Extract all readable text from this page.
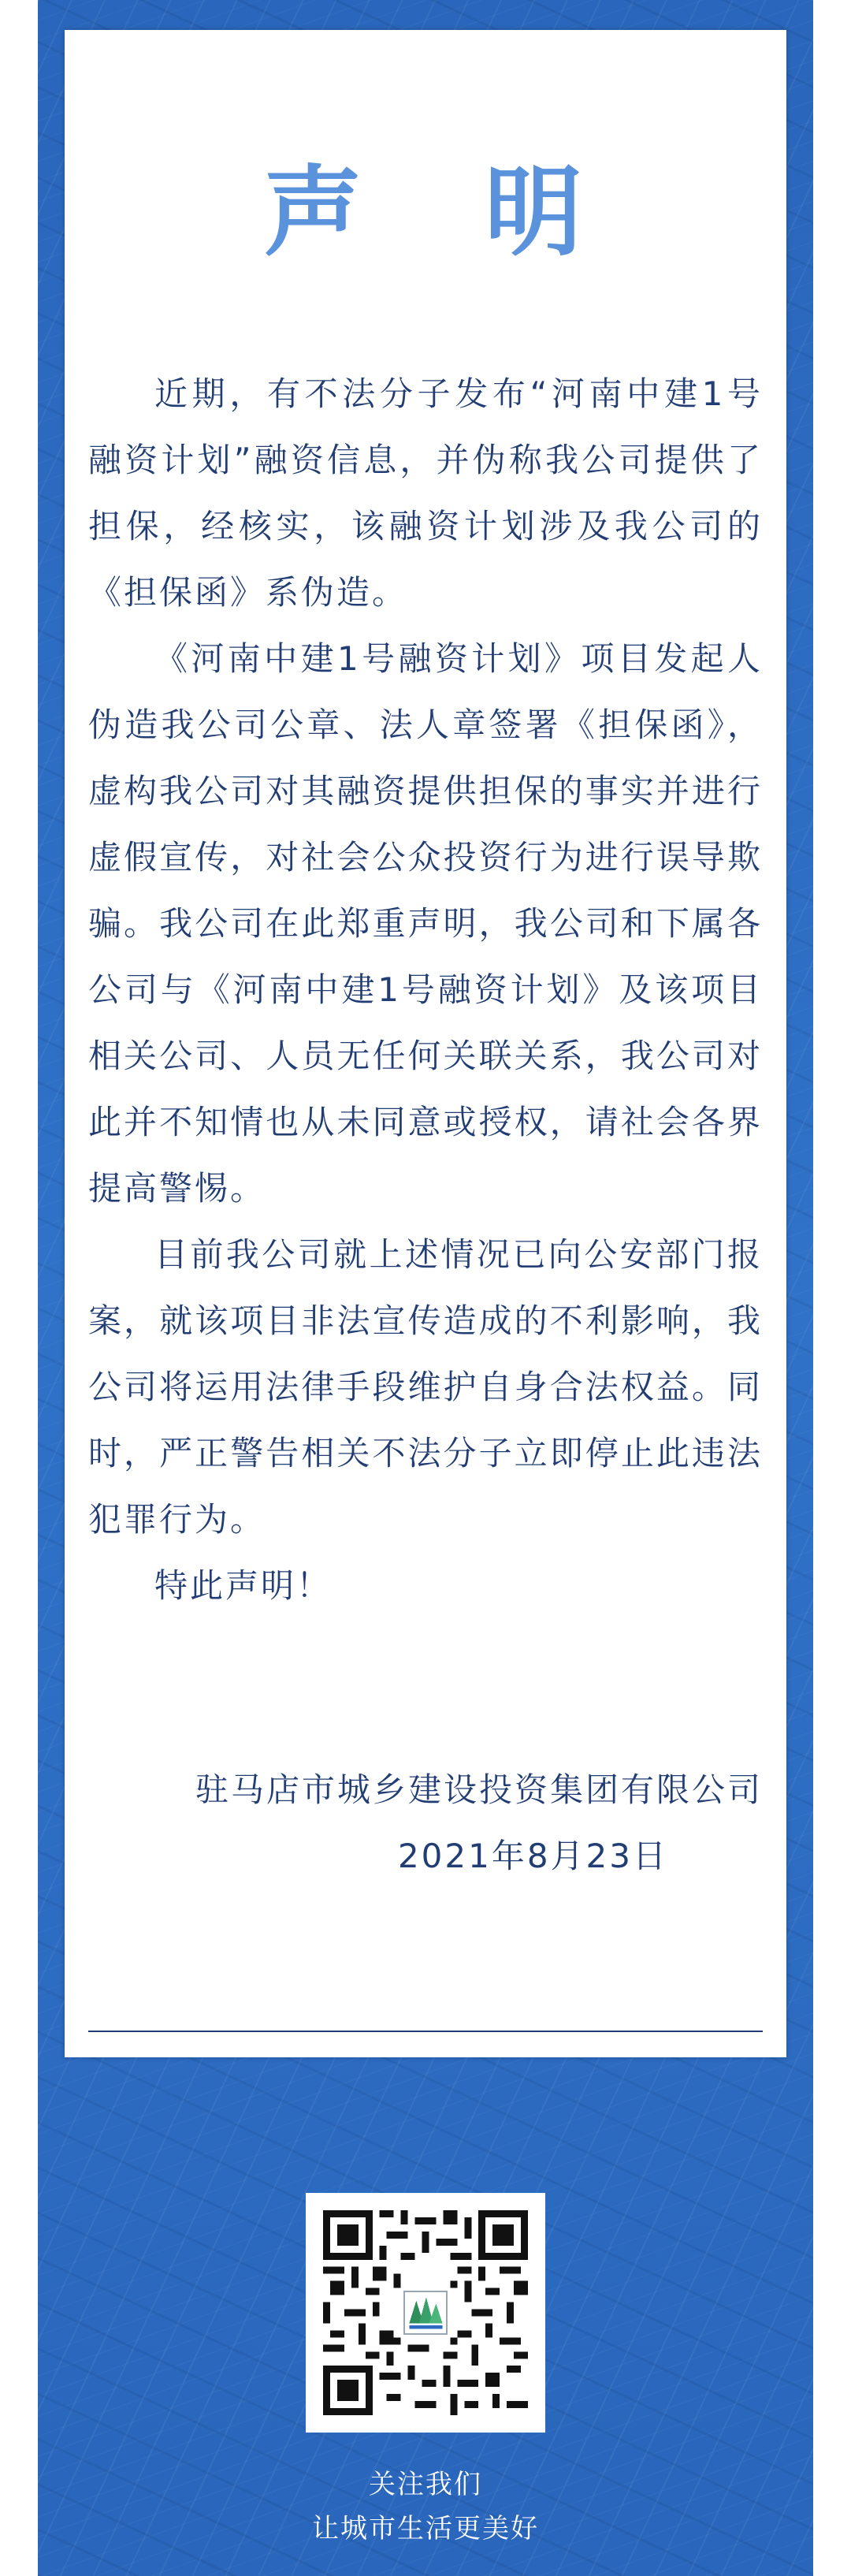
声 明

近期，有不法分子发布“河南中建1号融资计划”融资信息，并伪称我公司提供了担保，经核实，该融资计划涉及我公司的《担保函》系伪造。

《河南中建1号融资计划》项目发起人伪造我公司公章、法人章签署《担保函》，虚构我公司对其融资提供担保的事实并进行虚假宣传，对社会公众投资行为进行误导欺骗。我公司在此郑重声明，我公司和下属各公司与《河南中建1号融资计划》及该项目相关公司、人员无任何关联关系，我公司对此并不知情也从未同意或授权，请社会各界提高警惕。

目前我公司就上述情况已向公安部门报案，就该项目非法宣传造成的不利影响，我公司将运用法律手段维护自身合法权益。同时，严正警告相关不法分子立即停止此违法犯罪行为。

特此声明！

驻马店市城乡建设投资集团有限公司
2021年8月23日
关注我们
让城市生活更美好
